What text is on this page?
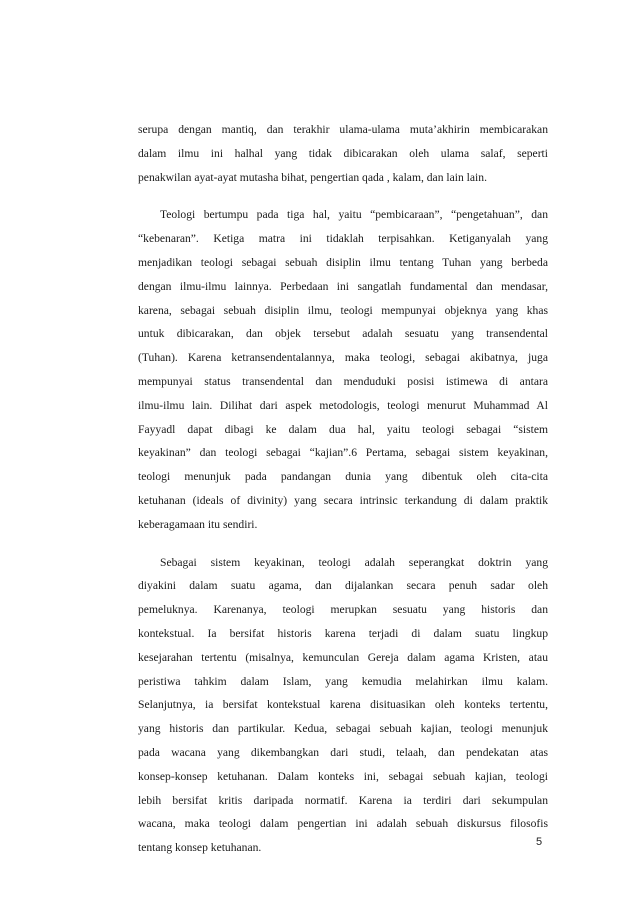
serupa dengan mantiq, dan terakhir ulama-ulama muta’akhirin membicarakan
dalam ilmu ini halhal yang tidak dibicarakan oleh ulama salaf, seperti
penakwilan ayat-ayat mutasha bihat, pengertian qada , kalam, dan lain lain.
Teologi bertumpu pada tiga hal, yaitu “pembicaraan”, “pengetahuan”, dan
“kebenaran”. Ketiga matra ini tidaklah terpisahkan. Ketiganyalah yang
menjadikan teologi sebagai sebuah disiplin ilmu tentang Tuhan yang berbeda
dengan ilmu-ilmu lainnya. Perbedaan ini sangatlah fundamental dan mendasar,
karena, sebagai sebuah disiplin ilmu, teologi mempunyai objeknya yang khas
untuk dibicarakan, dan objek tersebut adalah sesuatu yang transendental
(Tuhan). Karena ketransendentalannya, maka teologi, sebagai akibatnya, juga
mempunyai status transendental dan menduduki posisi istimewa di antara
ilmu-ilmu lain. Dilihat dari aspek metodologis, teologi menurut Muhammad Al
Fayyadl dapat dibagi ke dalam dua hal, yaitu teologi sebagai “sistem
keyakinan” dan teologi sebagai “kajian”.6 Pertama, sebagai sistem keyakinan,
teologi menunjuk pada pandangan dunia yang dibentuk oleh cita-cita
ketuhanan (ideals of divinity) yang secara intrinsic terkandung di dalam praktik
keberagamaan itu sendiri.
Sebagai sistem keyakinan, teologi adalah seperangkat doktrin yang
diyakini dalam suatu agama, dan dijalankan secara penuh sadar oleh
pemeluknya. Karenanya, teologi merupkan sesuatu yang historis dan
kontekstual. Ia bersifat historis karena terjadi di dalam suatu lingkup
kesejarahan tertentu (misalnya, kemunculan Gereja dalam agama Kristen, atau
peristiwa tahkim dalam Islam, yang kemudia melahirkan ilmu kalam.
Selanjutnya, ia bersifat kontekstual karena disituasikan oleh konteks tertentu,
yang historis dan partikular. Kedua, sebagai sebuah kajian, teologi menunjuk
pada wacana yang dikembangkan dari studi, telaah, dan pendekatan atas
konsep-konsep ketuhanan. Dalam konteks ini, sebagai sebuah kajian, teologi
lebih bersifat kritis daripada normatif. Karena ia terdiri dari sekumpulan
wacana, maka teologi dalam pengertian ini adalah sebuah diskursus filosofis
tentang konsep ketuhanan.	5
